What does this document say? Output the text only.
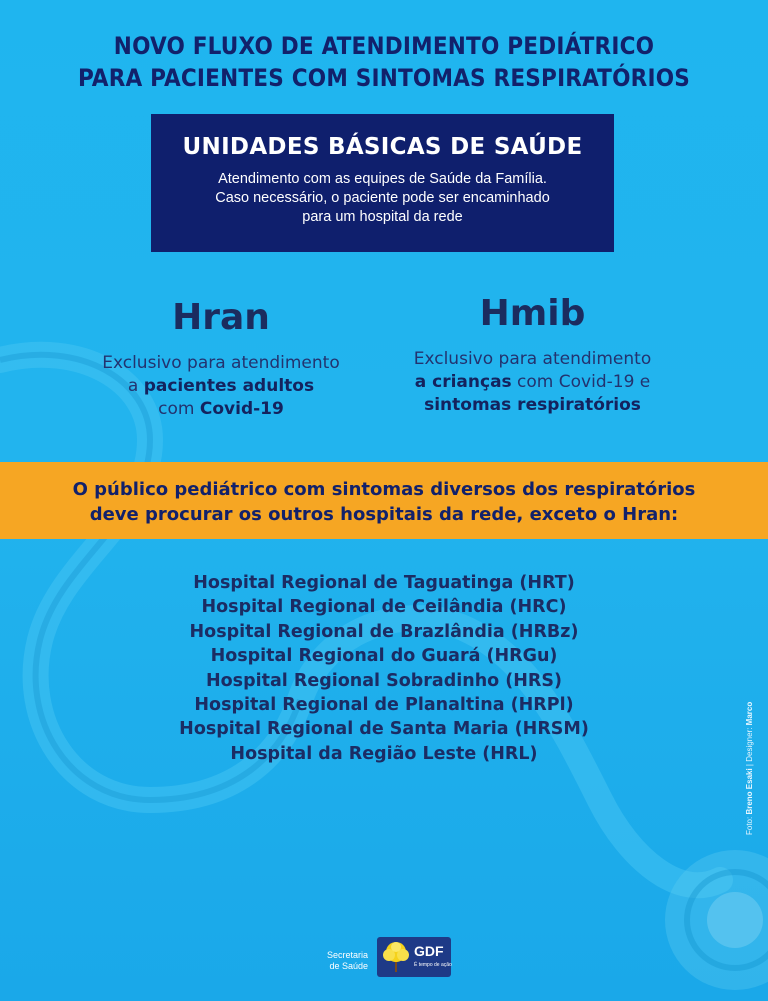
NOVO FLUXO DE ATENDIMENTO PEDIÁTRICO
PARA PACIENTES COM SINTOMAS RESPIRATÓRIOS
UNIDADES BÁSICAS DE SAÚDE
Atendimento com as equipes de Saúde da Família.
Caso necessário, o paciente pode ser encaminhado
para um hospital da rede
Hran
Exclusivo para atendimento
a pacientes adultos
com Covid-19
Hmib
Exclusivo para atendimento
a crianças com Covid-19 e
sintomas respiratórios
O público pediátrico com sintomas diversos dos respiratórios
deve procurar os outros hospitais da rede, exceto o Hran:
Hospital Regional de Taguatinga (HRT)
Hospital Regional de Ceilândia (HRC)
Hospital Regional de Brazlândia (HRBz)
Hospital Regional do Guará (HRGu)
Hospital Regional Sobradinho (HRS)
Hospital Regional de Planaltina (HRPl)
Hospital Regional de Santa Maria (HRSM)
Hospital da Região Leste (HRL)
Foto: Breno Esaki | Designer: Marco
Secretaria
de Saúde
GDF
É tempo de ação
